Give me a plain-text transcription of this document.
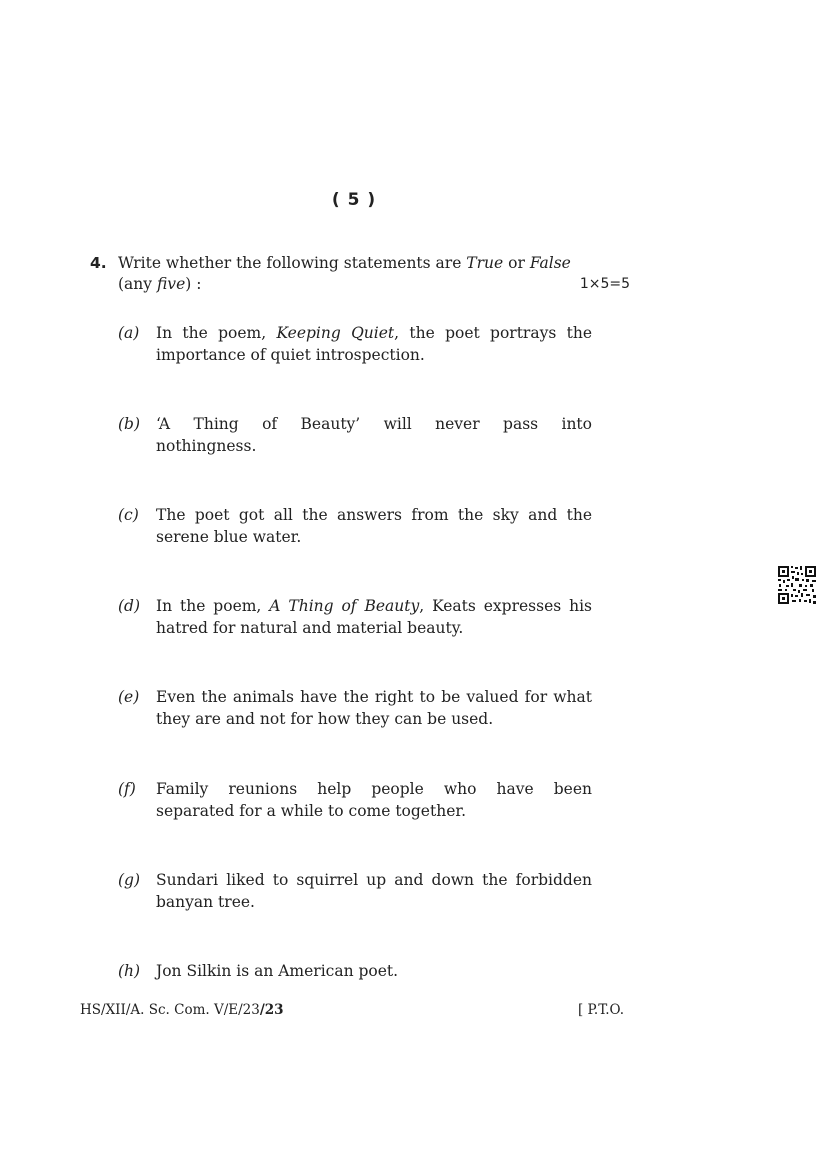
( 5 )
4. Write whether the following statements are True or False
(any five) :	1×5=5
(a) In the poem, Keeping Quiet, the poet portrays the
importance of quiet introspection.
(b) ‘A Thing of Beauty’ will never pass into
nothingness.
(c) The poet got all the answers from the sky and the
serene blue water.
(d) In the poem, A Thing of Beauty, Keats expresses his
hatred for natural and material beauty.
(e) Even the animals have the right to be valued for what
they are and not for how they can be used.
(f) Family reunions help people who have been
separated for a while to come together.
(g) Sundari liked to squirrel up and down the forbidden
banyan tree.
(h) Jon Silkin is an American poet.
HS/XII/A. Sc. Com. V/E/23/23	[ P.T.O.
